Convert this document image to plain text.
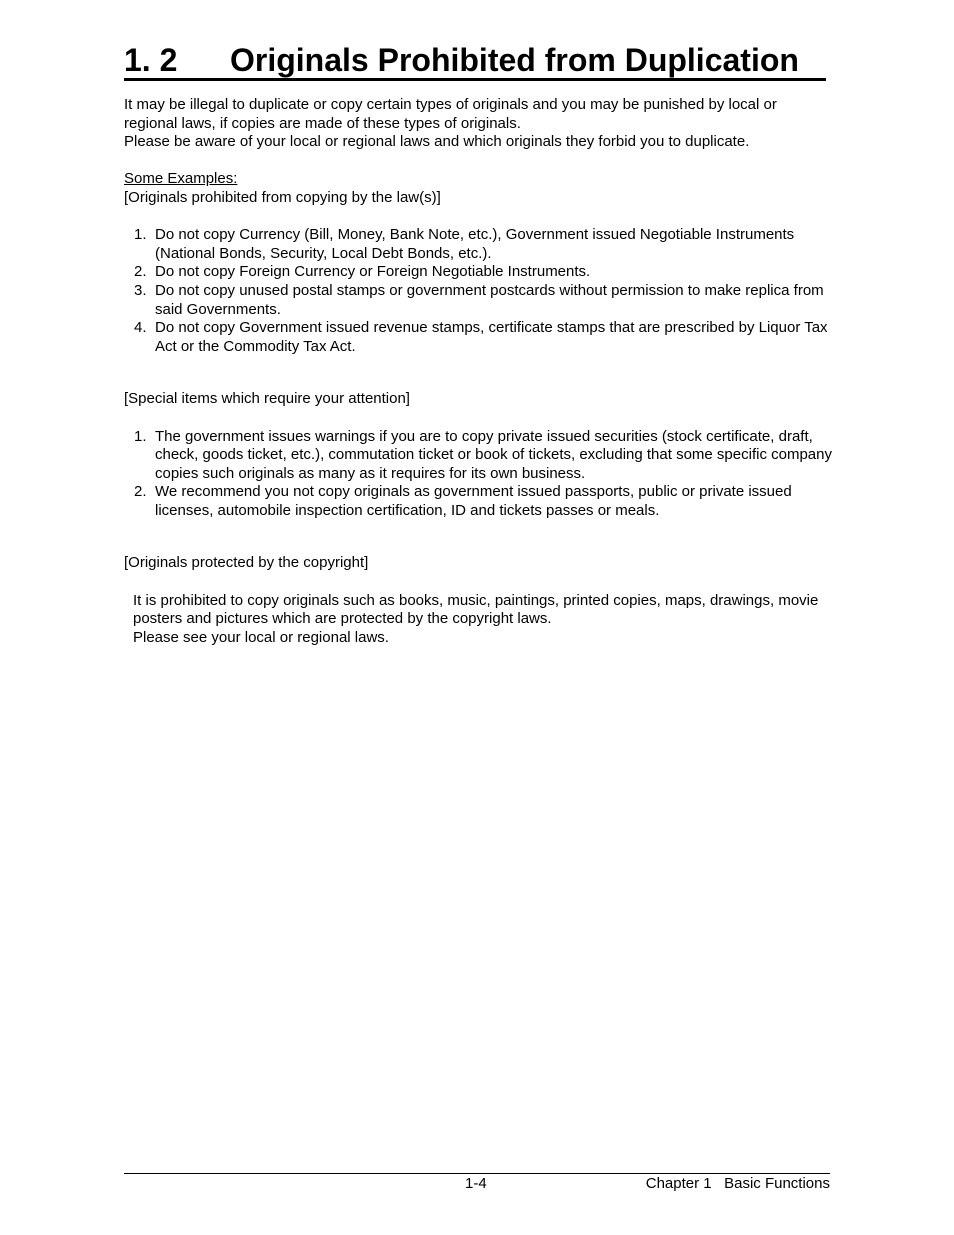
1. 2 Originals Prohibited from Duplication

It may be illegal to duplicate or copy certain types of originals and you may be punished by local or regional laws, if copies are made of these types of originals.

Please be aware of your local or regional laws and which originals they forbid you to duplicate.

Some Examples:

[Originals prohibited from copying by the law(s)]

1. Do not copy Currency (Bill, Money, Bank Note, etc.), Government issued Negotiable Instruments (National Bonds, Security, Local Debt Bonds, etc.).
2. Do not copy Foreign Currency or Foreign Negotiable Instruments.
3. Do not copy unused postal stamps or government postcards without permission to make replica from said Governments.
4. Do not copy Government issued revenue stamps, certificate stamps that are prescribed by Liquor Tax Act or the Commodity Tax Act.

[Special items which require your attention]

1. The government issues warnings if you are to copy private issued securities (stock certificate, draft, check, goods ticket, etc.), commutation ticket or book of tickets, excluding that some specific company copies such originals as many as it requires for its own business.
2. We recommend you not copy originals as government issued passports, public or private issued licenses, automobile inspection certification, ID and tickets passes or meals.

[Originals protected by the copyright]

It is prohibited to copy originals such as books, music, paintings, printed copies, maps, drawings, movie posters and pictures which are protected by the copyright laws.

Please see your local or regional laws.

1-4	Chapter 1   Basic Functions
